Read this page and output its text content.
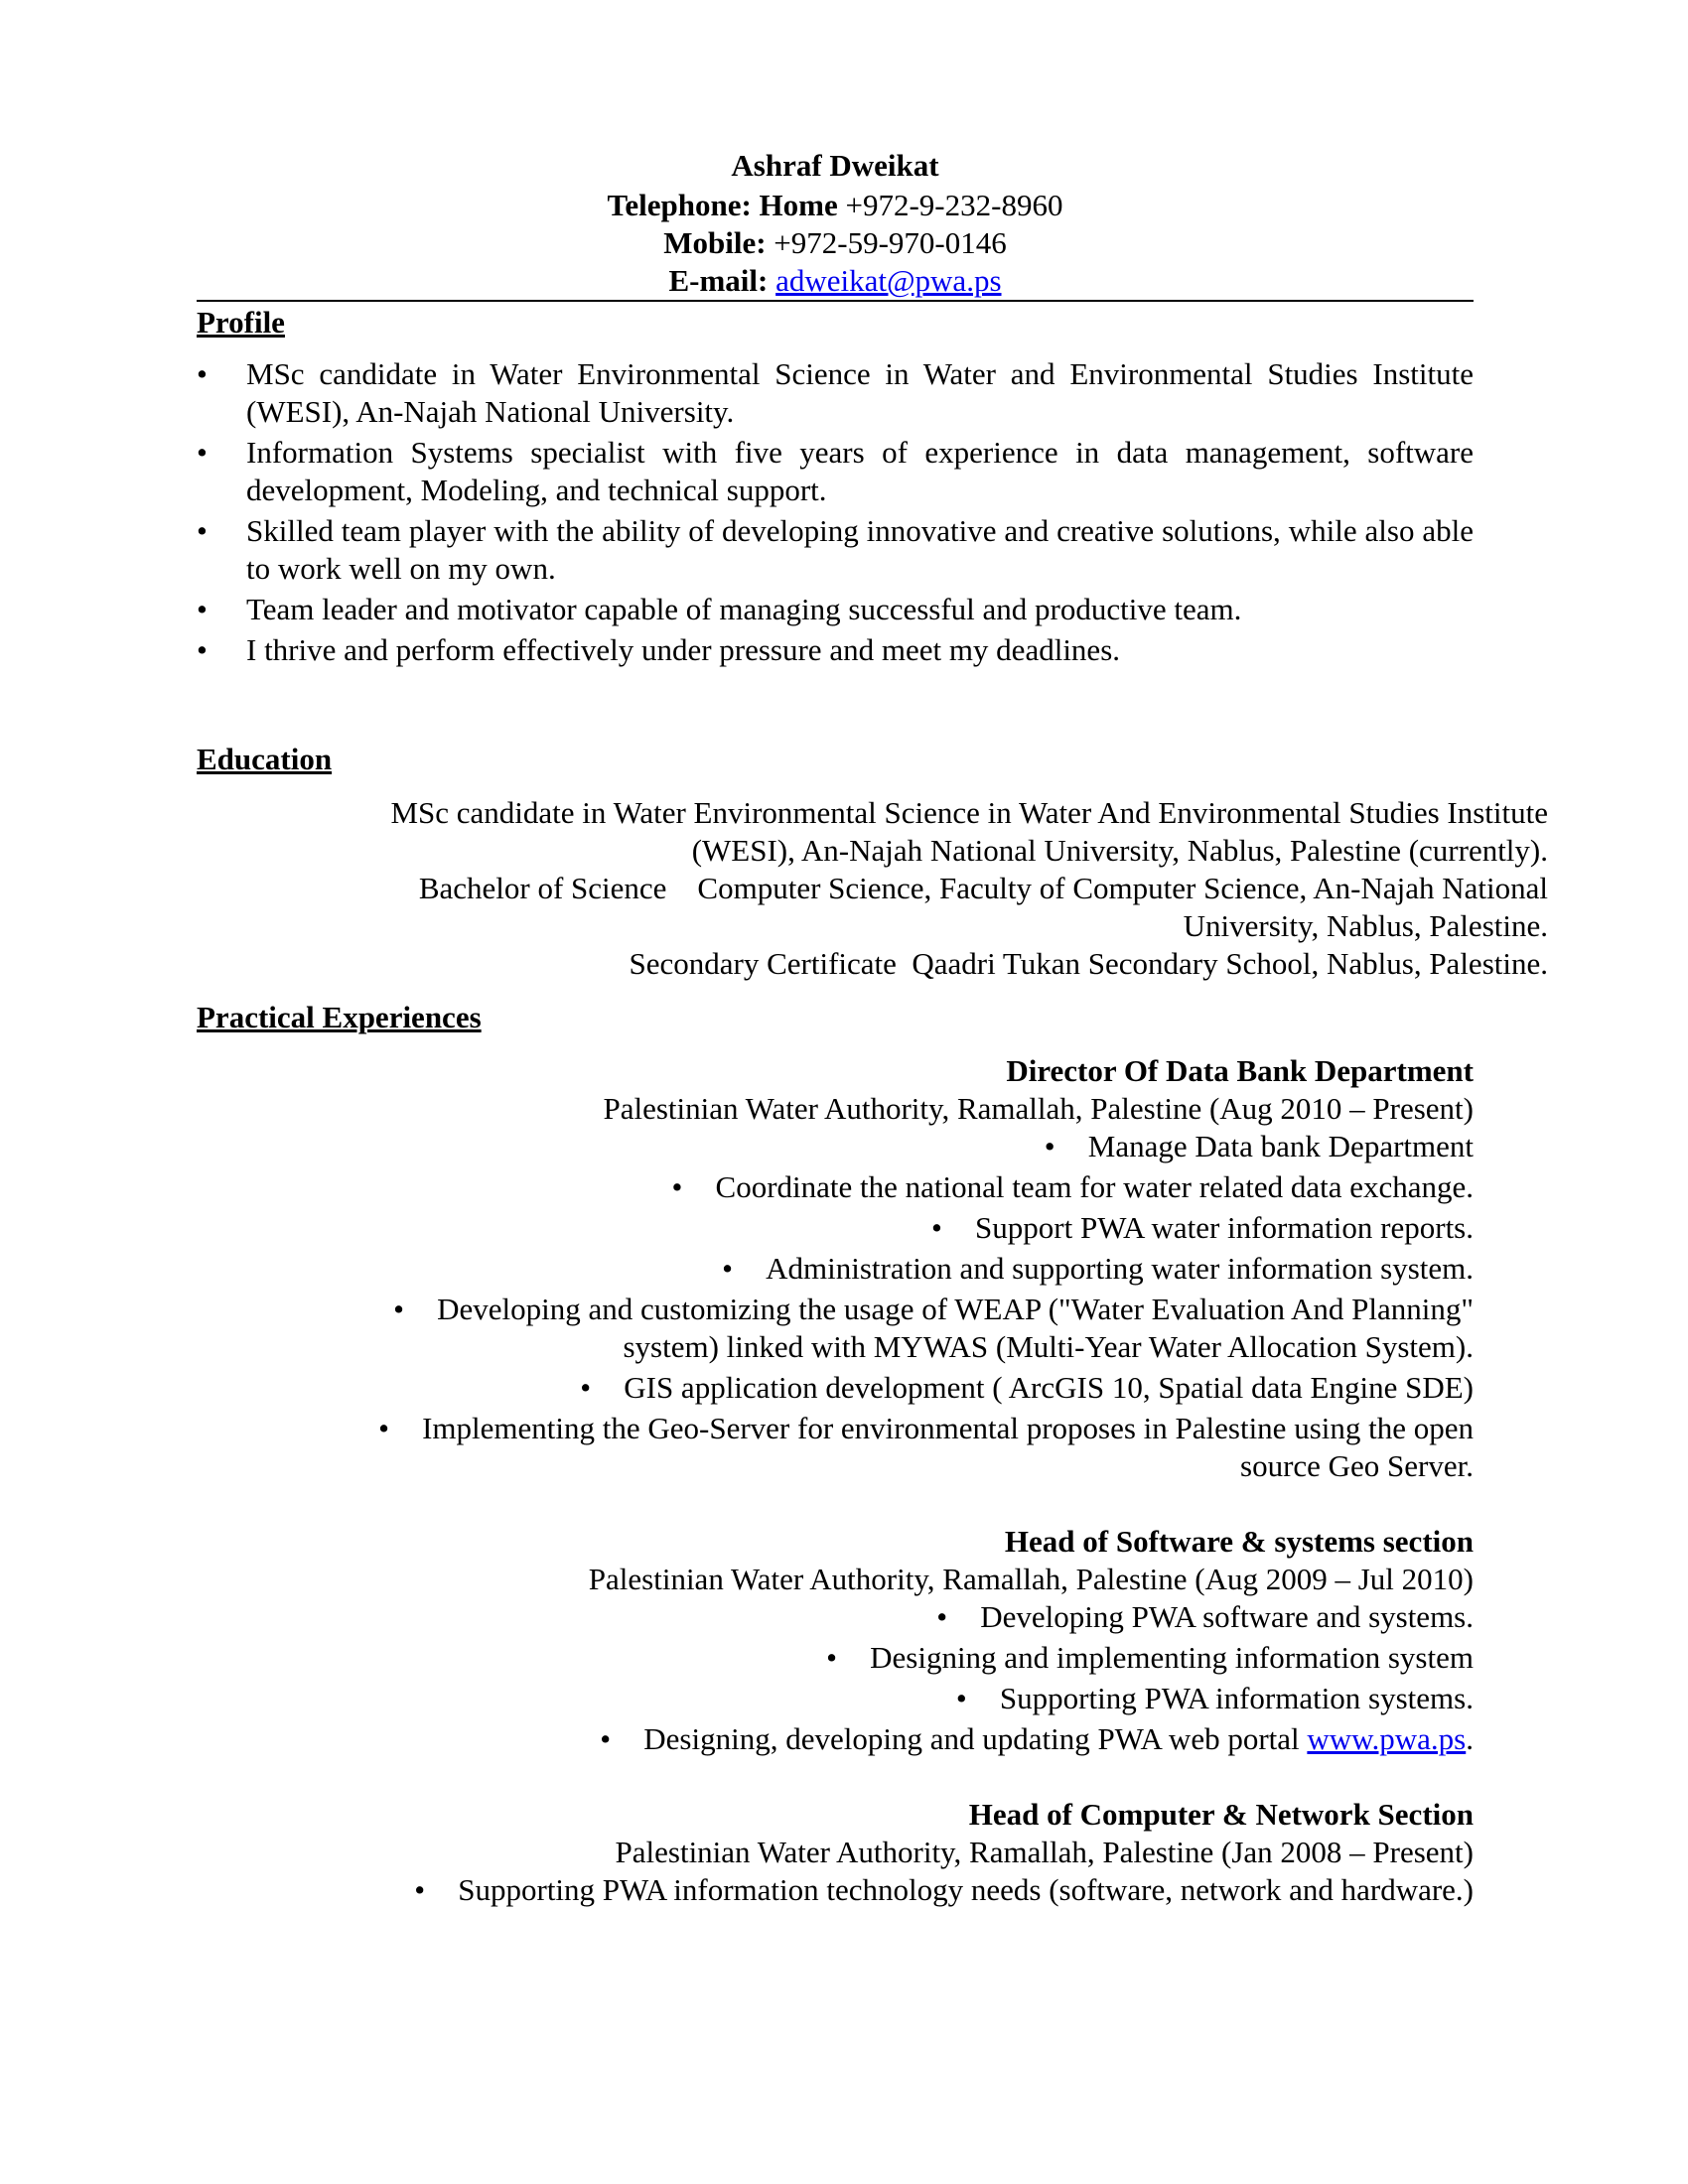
Ashraf Dweikat
Telephone: Home +972-9-232-8960
Mobile: +972-59-970-0146
E-mail: adweikat@pwa.ps
Profile
• MSc candidate in Water Environmental Science in Water and Environmental Studies Institute (WESI), An-Najah National University.
• Information Systems specialist with five years of experience in data management, software development, Modeling, and technical support.
• Skilled team player with the ability of developing innovative and creative solutions, while also able to work well on my own.
• Team leader and motivator capable of managing successful and productive team.
• I thrive and perform effectively under pressure and meet my deadlines.
Education
MSc candidate in Water Environmental Science in Water And Environmental Studies Institute
(WESI), An-Najah National University, Nablus, Palestine (currently).
Bachelor of Science    Computer Science, Faculty of Computer Science, An-Najah National
University, Nablus, Palestine.
Secondary Certificate  Qaadri Tukan Secondary School, Nablus, Palestine.
Practical Experiences
Director Of Data Bank Department
Palestinian Water Authority, Ramallah, Palestine (Aug 2010 – Present)
• Manage Data bank Department
• Coordinate the national team for water related data exchange.
• Support PWA water information reports.
• Administration and supporting water information system.
• Developing and customizing the usage of WEAP ("Water Evaluation And Planning"
system) linked with MYWAS (Multi-Year Water Allocation System).
• GIS application development ( ArcGIS 10, Spatial data Engine SDE)
• Implementing the Geo-Server for environmental proposes in Palestine using the open
source Geo Server.
Head of Software & systems section
Palestinian Water Authority, Ramallah, Palestine (Aug 2009 – Jul 2010)
• Developing PWA software and systems.
• Designing and implementing information system
• Supporting PWA information systems.
• Designing, developing and updating PWA web portal www.pwa.ps.
Head of Computer & Network Section
Palestinian Water Authority, Ramallah, Palestine (Jan 2008 – Present)
• Supporting PWA information technology needs (software, network and hardware.)
